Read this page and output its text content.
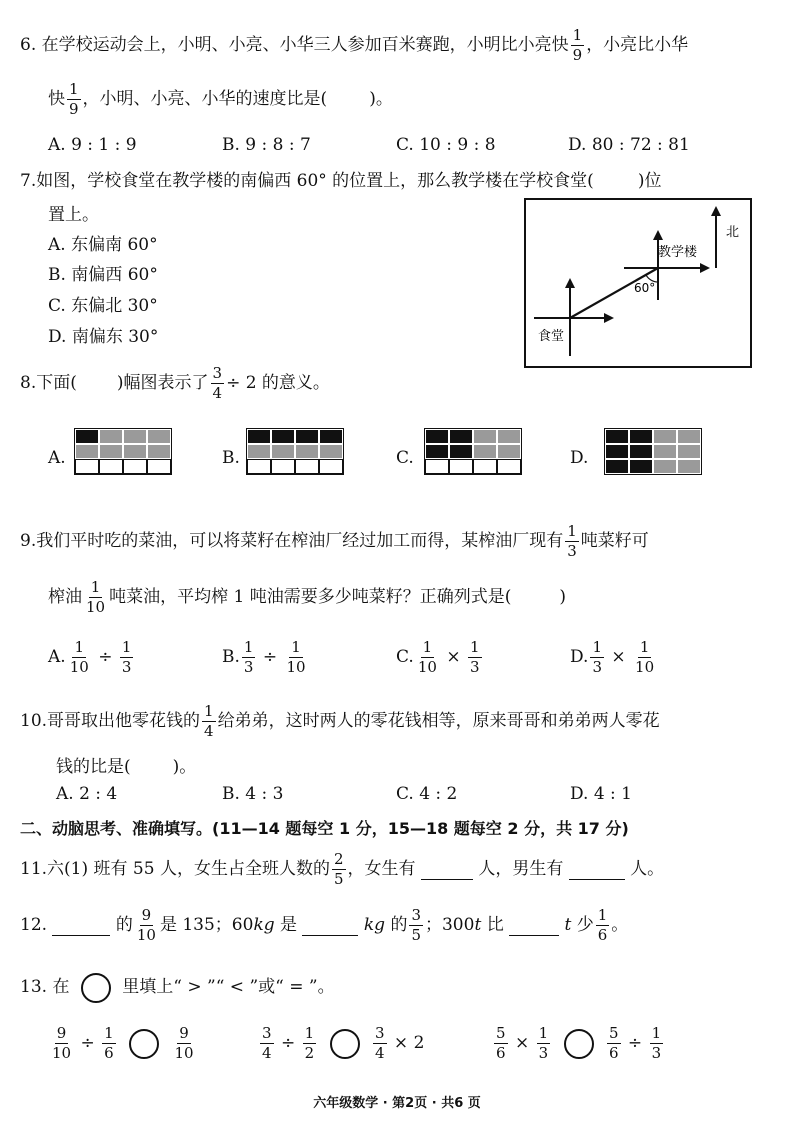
6. 在学校运动会上，小明、小亮、小华三人参加百米赛跑，小明比小亮快 $\frac{1}{9}$ ，小亮比小华
快 $\frac{1}{9}$ ，小明、小亮、小华的速度比是( )。
A. 9 : 1 : 9	B. 9 : 8 : 7	C. 10 : 9 : 8	D. 80 : 72 : 81
7.如图，学校食堂在教学楼的南偏西 60° 的位置上，那么教学楼在学校食堂(	)位
置上。
A. 东偏南 60°
B. 南偏西 60°
C. 东偏北 30°
D. 南偏东 30°
北
教学楼
60°
食堂
8.下面( )幅图表示了 $\frac{3}{4} \div 2$ 的意义。
A.	B.	C.	D.
9.我们平时吃的菜油，可以将菜籽在榨油厂经过加工而得，某榨油厂现有 $\frac{1}{3}$ 吨菜籽可
榨油 $\frac{1}{10}$ 吨菜油，平均榨 1 吨油需要多少吨菜籽？正确列式是(	)
A. $\frac{1}{10} \div \frac{1}{3}$	B. $\frac{1}{3} \div \frac{1}{10}$	C. $\frac{1}{10} \times \frac{1}{3}$	D. $\frac{1}{3} \times \frac{1}{10}$
10.哥哥取出他零花钱的 $\frac{1}{4}$ 给弟弟，这时两人的零花钱相等，原来哥哥和弟弟两人零花
钱的比是( )。
A. 2 : 4	B. 4 : 3	C. 4 : 2	D. 4 : 1
二、动脑思考、准确填写。(11—14 题每空 1 分，15—18 题每空 2 分，共 17 分)
11.六(1) 班有 55 人，女生占全班人数的 $\frac{2}{5}$ ，女生有	人，男生有	人。
12.	的 $\frac{9}{10}$ 是 135；60kg 是	kg 的 $\frac{3}{5}$ ；300t 比	t 少 $\frac{1}{6}$ 。
13. 在	里填上“ > ”“ < ”或“ = ”。
$\frac{9}{10} \div \frac{1}{6}$
	$\frac{9}{10}$	$\frac{3}{4} \div \frac{1}{2}$
	$\frac{3}{4} \times 2$	$\frac{5}{6} \times \frac{1}{3}$
	$\frac{5}{6} \div \frac{1}{3}$
六年级数学 · 第2页 · 共6 页
